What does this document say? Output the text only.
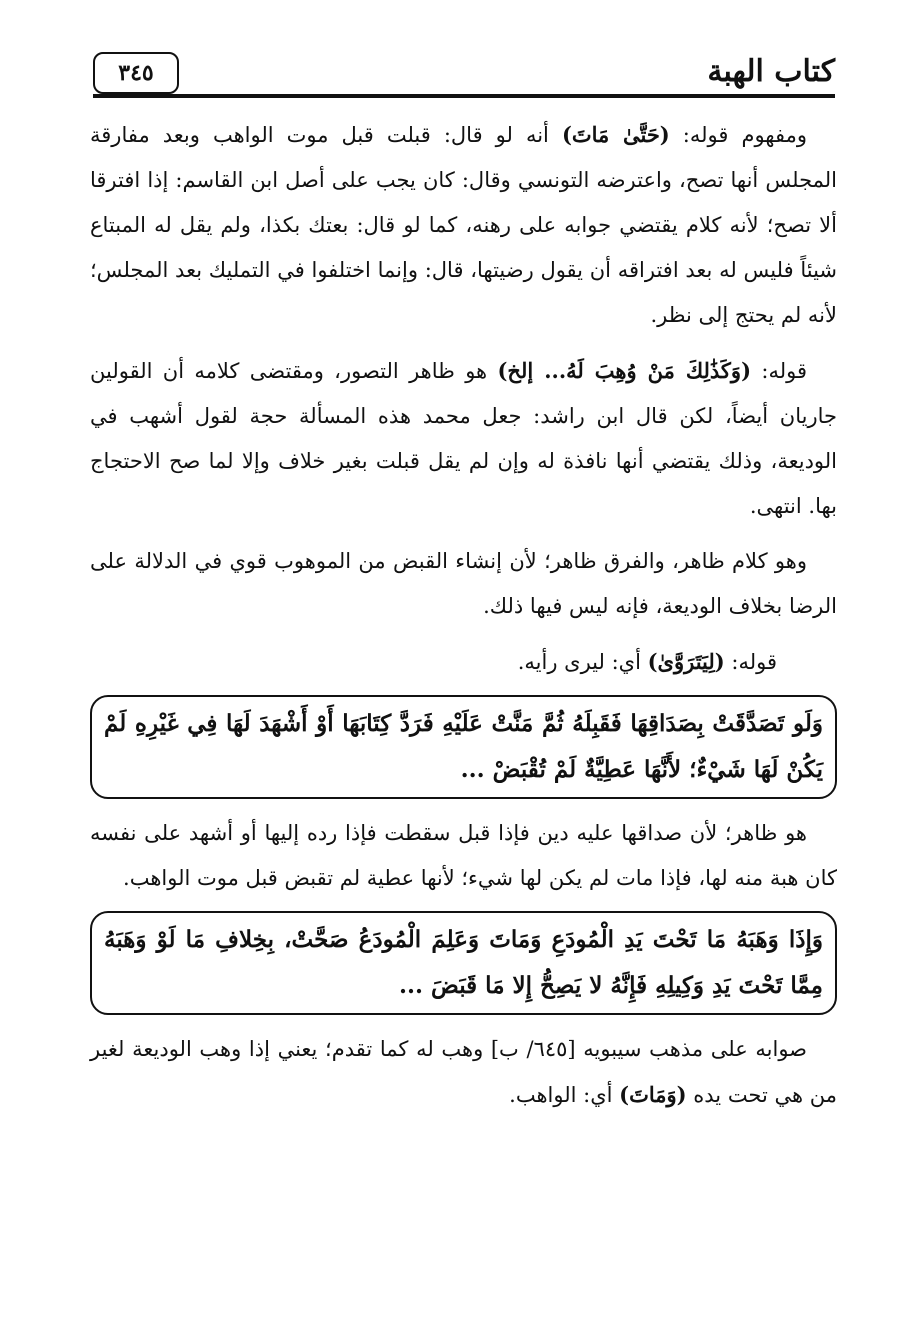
كتاب الهبة
٣٤٥

ومفهوم قوله: (حَتَّىٰ مَاتَ) أنه لو قال: قبلت قبل موت الواهب وبعد مفارقة المجلس أنها تصح، واعترضه التونسي وقال: كان يجب على أصل ابن القاسم: إذا افترقا ألا تصح؛ لأنه كلام يقتضي جوابه على رهنه، كما لو قال: بعتك بكذا، ولم يقل له المبتاع شيئاً فليس له بعد افتراقه أن يقول رضيتها، قال: وإنما اختلفوا في التمليك بعد المجلس؛ لأنه لم يحتج إلى نظر.

قوله: (وَكَذَٰلِكَ مَنْ وُهِبَ لَهُ... إلخ) هو ظاهر التصور، ومقتضى كلامه أن القولين جاريان أيضاً، لكن قال ابن راشد: جعل محمد هذه المسألة حجة لقول أشهب في الوديعة، وذلك يقتضي أنها نافذة له وإن لم يقل قبلت بغير خلاف وإلا لما صح الاحتجاج بها. انتهى.

وهو كلام ظاهر، والفرق ظاهر؛ لأن إنشاء القبض من الموهوب قوي في الدلالة على الرضا بخلاف الوديعة، فإنه ليس فيها ذلك.

قوله: (لِيَتَرَوَّىٰ) أي: ليرى رأيه.

وَلَو تَصَدَّقَتْ بِصَدَاقِهَا فَقَبِلَهُ ثُمَّ مَنَّتْ عَلَيْهِ فَرَدَّ كِتَابَهَا أَوْ أَشْهَدَ لَهَا فِي غَيْرِهِ لَمْ يَكُنْ لَهَا شَيْءٌ؛ لأَنَّهَا عَطِيَّةٌ لَمْ تُقْبَضْ ...

هو ظاهر؛ لأن صداقها عليه دين فإذا قبل سقطت فإذا رده إليها أو أشهد على نفسه كان هبة منه لها، فإذا مات لم يكن لها شيء؛ لأنها عطية لم تقبض قبل موت الواهب.

وَإِذَا وَهَبَهُ مَا تَحْتَ يَدِ الْمُودَعِ وَمَاتَ وَعَلِمَ الْمُودَعُ صَحَّتْ، بِخِلافِ مَا لَوْ وَهَبَهُ مِمَّا تَحْتَ يَدِ وَكِيلِهِ فَإِنَّهُ لا يَصِحُّ إِلا مَا قَبَضَ ...

صوابه على مذهب سيبويه [٦٤٥/ ب] وهب له كما تقدم؛ يعني إذا وهب الوديعة لغير من هي تحت يده (وَمَاتَ) أي: الواهب.
